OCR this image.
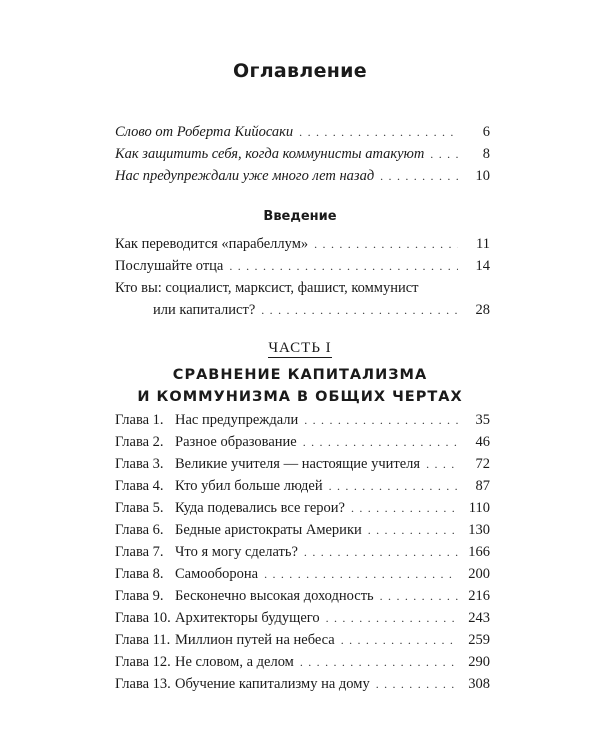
Оглавление
Слово от Роберта Кийосаки . . .	6
Как защитить себя, когда коммунисты атакуют . . .	8
Нас предупреждали уже много лет назад . . .	10
Введение
Как переводится «парабеллум» . . .	11
Послушайте отца . . .	14
Кто вы: социалист, марксист, фашист, коммунист
или капиталист? . . .	28
ЧАСТЬ I
СРАВНЕНИЕ КАПИТАЛИЗМА
И КОММУНИЗМА В ОБЩИХ ЧЕРТАХ
Глава 1. Нас предупреждали . . .	35
Глава 2. Разное образование . . .	46
Глава 3. Великие учителя — настоящие учителя . . .	72
Глава 4. Кто убил больше людей . . .	87
Глава 5. Куда подевались все герои? . . .	110
Глава 6. Бедные аристократы Америки . . .	130
Глава 7. Что я могу сделать? . . .	166
Глава 8. Самооборона . . .	200
Глава 9. Бесконечно высокая доходность . . .	216
Глава 10. Архитекторы будущего . . .	243
Глава 11. Миллион путей на небеса . . .	259
Глава 12. Не словом, а делом . . .	290
Глава 13. Обучение капитализму на дому . . .	308
